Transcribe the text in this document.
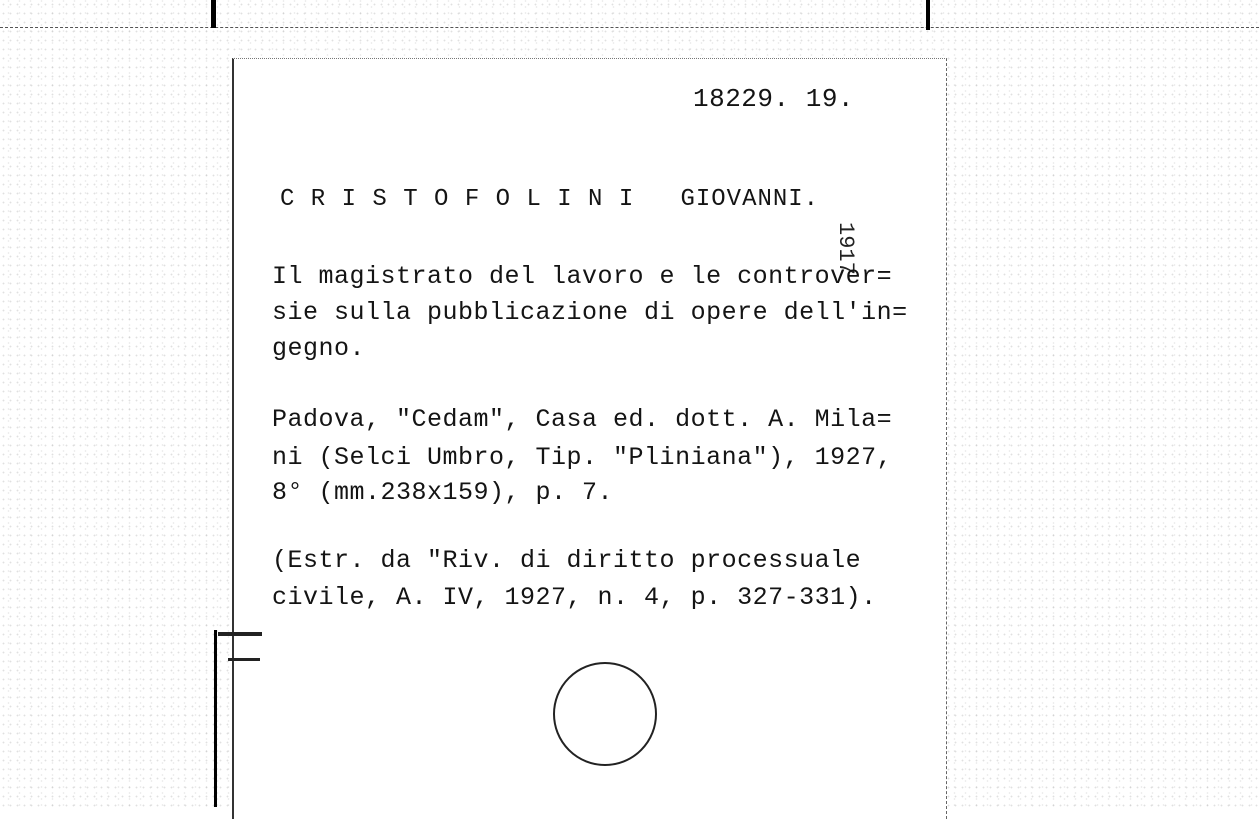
18229. 19.
C R I S T O F O L I N I   GIOVANNI.
1917
Il magistrato del lavoro e le controver=
sie sulla pubblicazione di opere dell'in=
gegno.
Padova, "Cedam", Casa ed. dott. A. Milа=
ni (Selci Umbro, Tip. "Pliniana"), 1927,
8° (mm.238x159), p. 7.
(Estr. da "Riv. di diritto processuale
civile, A. IV, 1927, n. 4, p. 327-331).
